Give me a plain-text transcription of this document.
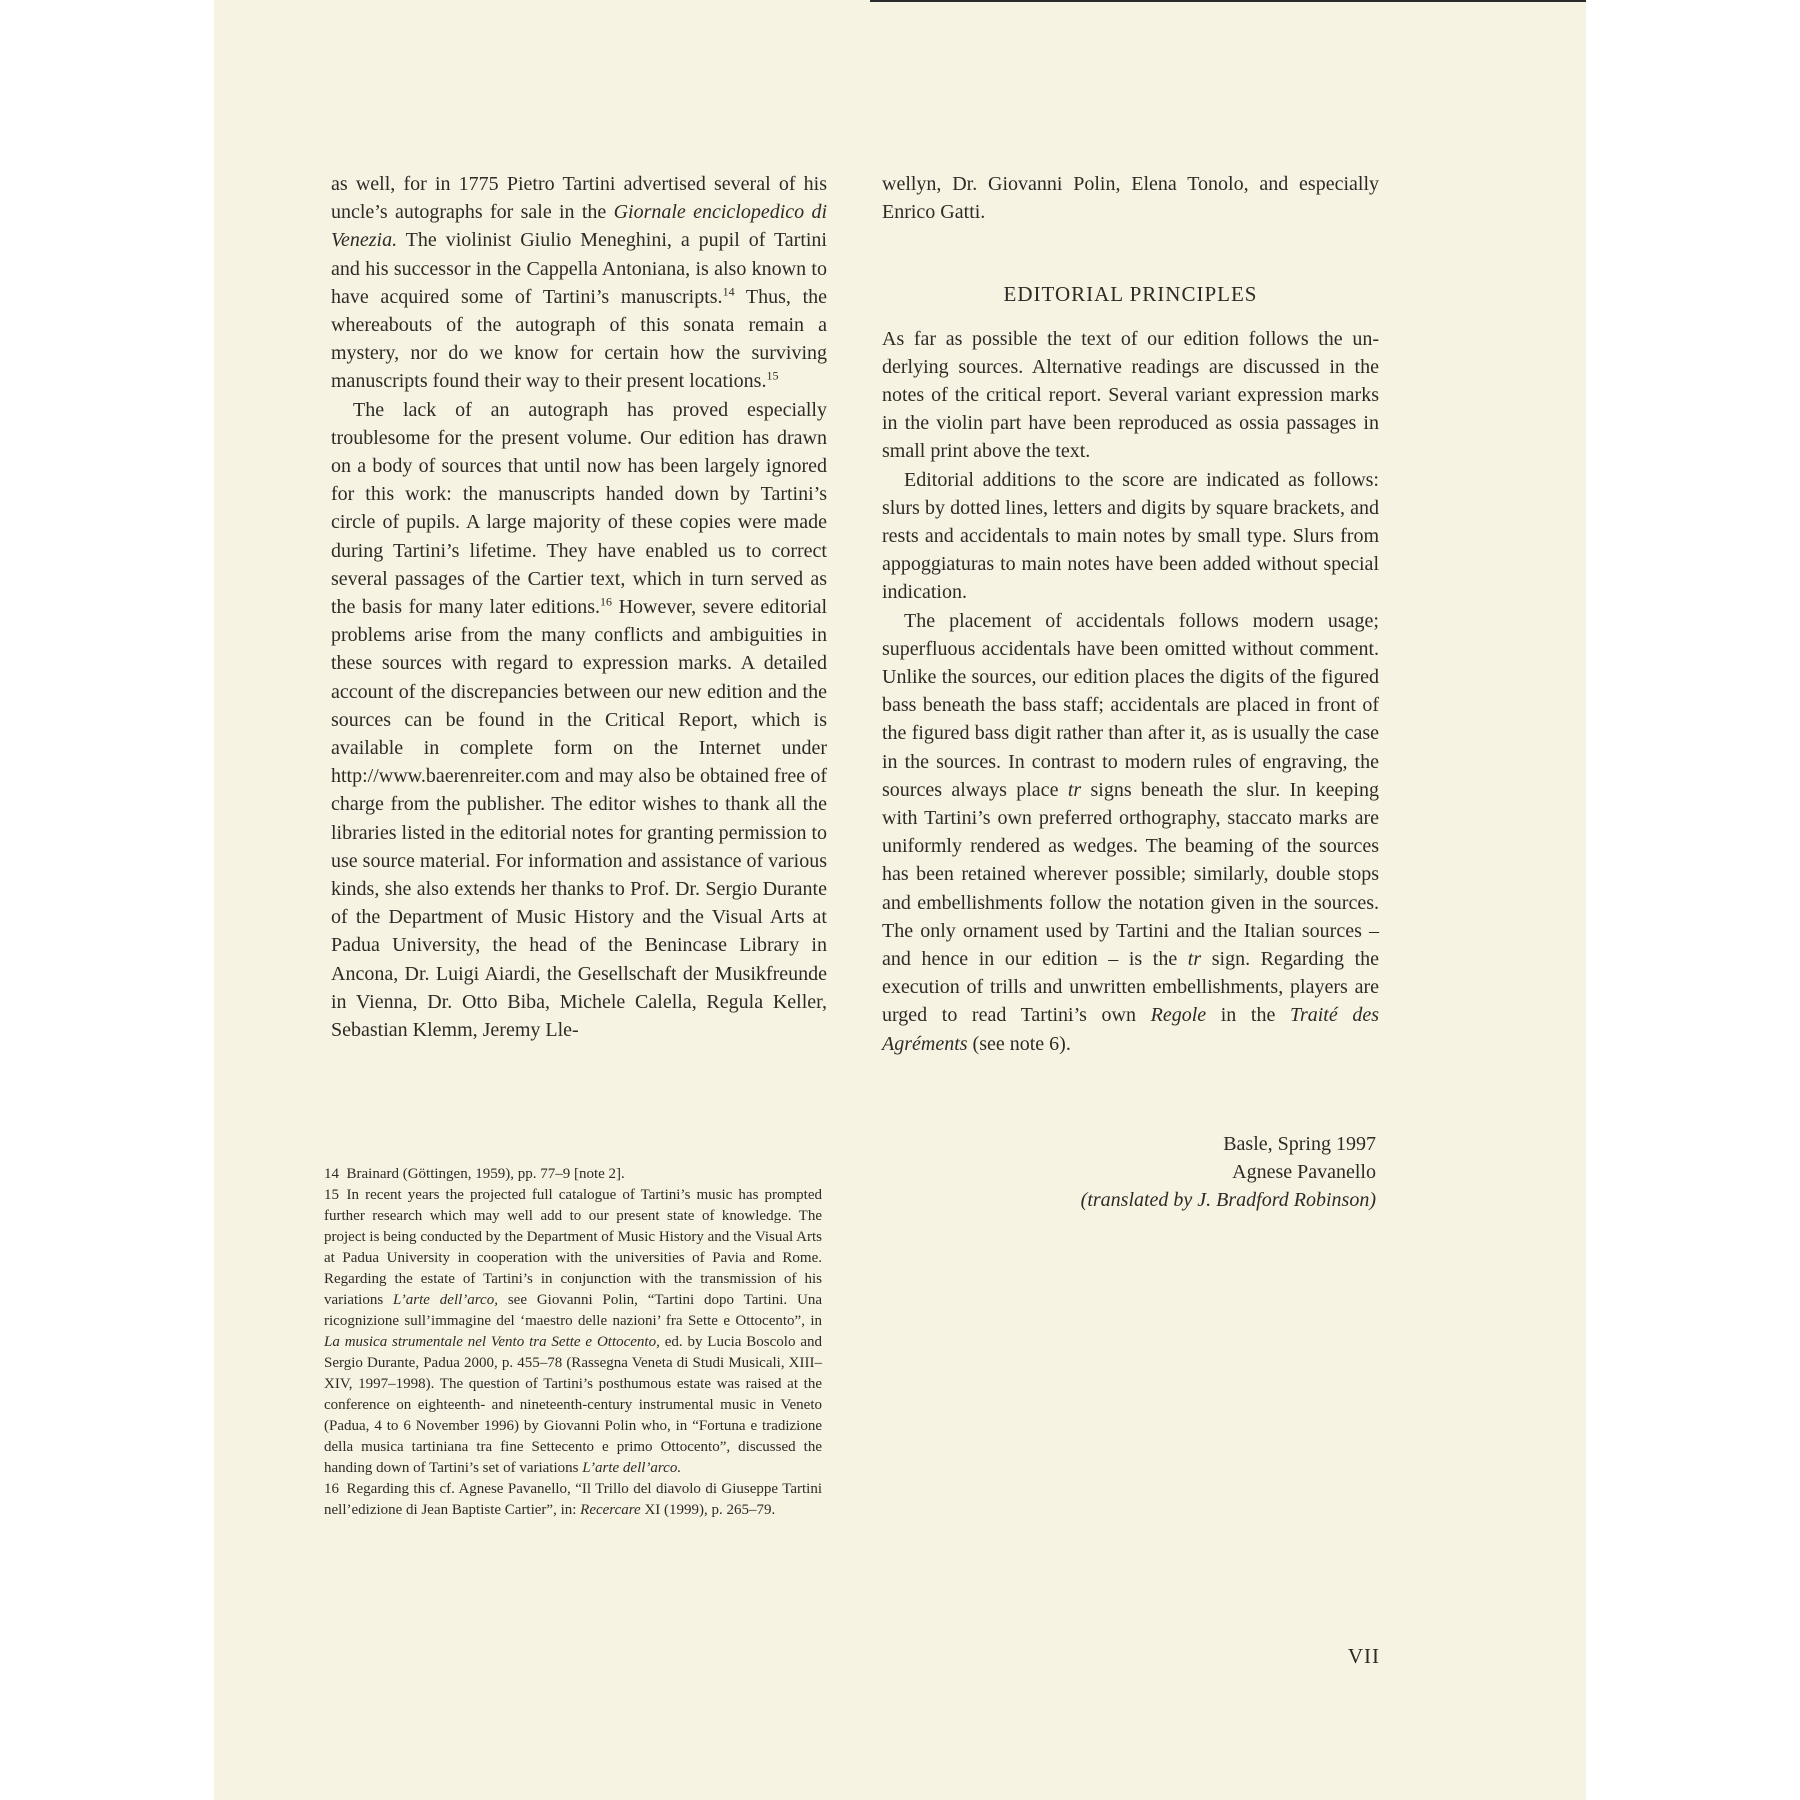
as well, for in 1775 Pietro Tartini advertised several of his uncle’s autographs for sale in the Giornale enciclopedico di Venezia. The violinist Giulio Meneghini, a pupil of Tartini and his successor in the Cappella Antoniana, is also known to have acquired some of Tartini’s manuscripts.$^{14}$ Thus, the whereabouts of the autograph of this sonata remain a mystery, nor do we know for certain how the surviving manuscripts found their way to their present locations.$^{15}$

The lack of an autograph has proved especially troublesome for the present volume. Our edition has drawn on a body of sources that until now has been largely ignored for this work: the manuscripts handed down by Tartini’s circle of pupils. A large majority of these copies were made during Tartini’s lifetime. They have enabled us to correct several passages of the Cartier text, which in turn served as the basis for many later editions.$^{16}$ However, severe editorial problems arise from the many conflicts and ambiguities in these sources with regard to expression marks. A detailed account of the discrepancies between our new edition and the sources can be found in the Critical Report, which is available in complete form on the Internet under http://www.baerenreiter.com and may also be obtained free of charge from the publisher. The editor wishes to thank all the libraries listed in the editorial notes for granting permission to use source material. For information and assistance of various kinds, she also extends her thanks to Prof. Dr. Sergio Durante of the Department of Music History and the Visual Arts at Padua University, the head of the Benincase Library in Ancona, Dr. Luigi Aiardi, the Gesellschaft der Musikfreunde in Vienna, Dr. Otto Biba, Michele Calella, Regula Keller, Sebastian Klemm, Jeremy Lle-

wellyn, Dr. Giovanni Polin, Elena Tonolo, and especially Enrico Gatti.

EDITORIAL PRINCIPLES

As far as possible the text of our edition follows the underlying sources. Alternative readings are discussed in the notes of the critical report. Several variant expression marks in the violin part have been reproduced as ossia passages in small print above the text.

Editorial additions to the score are indicated as follows: slurs by dotted lines, letters and digits by square brackets, and rests and accidentals to main notes by small type. Slurs from appoggiaturas to main notes have been added without special indication.

The placement of accidentals follows modern usage; superfluous accidentals have been omitted without comment. Unlike the sources, our edition places the digits of the figured bass beneath the bass staff; accidentals are placed in front of the figured bass digit rather than after it, as is usually the case in the sources. In contrast to modern rules of engraving, the sources always place tr signs beneath the slur. In keeping with Tartini’s own preferred orthography, staccato marks are uniformly rendered as wedges. The beaming of the sources has been retained wherever possible; similarly, double stops and embellishments follow the notation given in the sources. The only ornament used by Tartini and the Italian sources – and hence in our edition – is the tr sign. Regarding the execution of trills and unwritten embellishments, players are urged to read Tartini’s own Regole in the Traité des Agréments (see note 6).

Basle, Spring 1997
Agnese Pavanello
(translated by J. Bradford Robinson)

14 Brainard (Göttingen, 1959), pp. 77–9 [note 2].

15 In recent years the projected full catalogue of Tartini’s music has prompted further research which may well add to our present state of knowledge. The project is being conducted by the Department of Music History and the Visual Arts at Padua University in cooperation with the universities of Pavia and Rome. Regarding the estate of Tartini’s in conjunction with the transmission of his variations L’arte dell’arco, see Giovanni Polin, “Tartini dopo Tartini. Una ricognizione sull’immagine del ‘maestro delle nazioni’ fra Sette e Ottocento”, in La musica strumentale nel Vento tra Sette e Ottocento, ed. by Lucia Boscolo and Sergio Durante, Padua 2000, p. 455–78 (Rassegna Veneta di Studi Musicali, XIII–XIV, 1997–1998). The question of Tartini’s posthumous estate was raised at the conference on eighteenth- and nineteenth-century instrumental music in Veneto (Padua, 4 to 6 November 1996) by Giovanni Polin who, in “Fortuna e tradizione della musica tartiniana tra fine Settecento e primo Ottocento”, discussed the handing down of Tartini’s set of variations L’arte dell’arco.

16 Regarding this cf. Agnese Pavanello, “Il Trillo del diavolo di Giuseppe Tartini nell’edizione di Jean Baptiste Cartier”, in: Recercare XI (1999), p. 265–79.

VII
